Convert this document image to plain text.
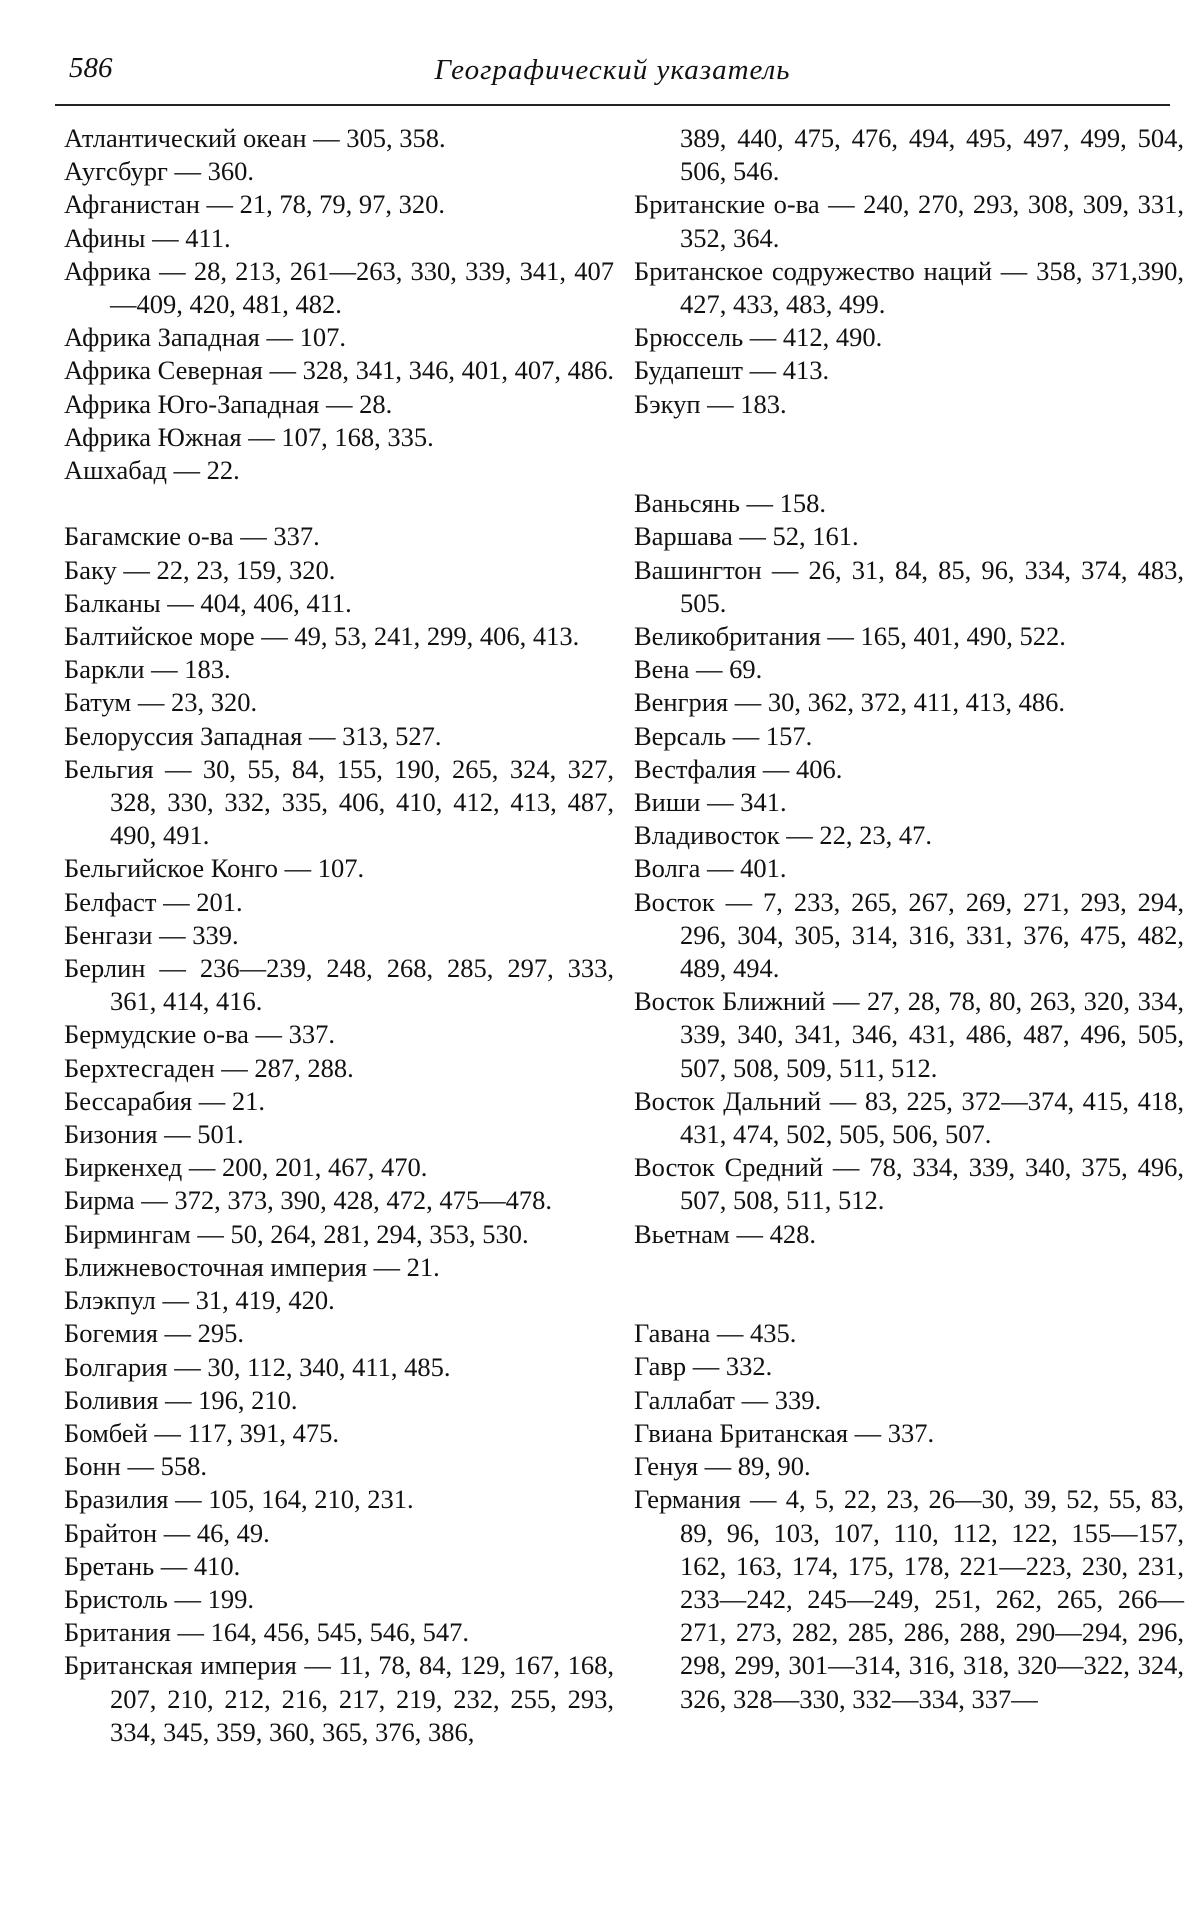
586	Географический указатель
Атлантический океан — 305, 358.
Аугсбург — 360.
Афганистан — 21, 78, 79, 97, 320.
Афины — 411.
Африка — 28, 213, 261—263, 330, 339, 341, 407—409, 420, 481, 482.
Африка Западная — 107.
Африка Северная — 328, 341, 346, 401, 407, 486.
Африка Юго-Западная — 28.
Африка Южная — 107, 168, 335.
Ашхабад — 22.
Багамские о-ва — 337.
Баку — 22, 23, 159, 320.
Балканы — 404, 406, 411.
Балтийское море — 49, 53, 241, 299, 406, 413.
Баркли — 183.
Батум — 23, 320.
Белоруссия Западная — 313, 527.
Бельгия — 30, 55, 84, 155, 190, 265, 324, 327, 328, 330, 332, 335, 406, 410, 412, 413, 487, 490, 491.
Бельгийское Конго — 107.
Белфаст — 201.
Бенгази — 339.
Берлин — 236—239, 248, 268, 285, 297, 333, 361, 414, 416.
Бермудские о-ва — 337.
Берхтесгаден — 287, 288.
Бессарабия — 21.
Бизония — 501.
Биркенхед — 200, 201, 467, 470.
Бирма — 372, 373, 390, 428, 472, 475—478.
Бирмингам — 50, 264, 281, 294, 353, 530.
Ближневосточная империя — 21.
Блэкпул — 31, 419, 420.
Богемия — 295.
Болгария — 30, 112, 340, 411, 485.
Боливия — 196, 210.
Бомбей — 117, 391, 475.
Бонн — 558.
Бразилия — 105, 164, 210, 231.
Брайтон — 46, 49.
Бретань — 410.
Бристоль — 199.
Британия — 164, 456, 545, 546, 547.
Британская империя — 11, 78, 84, 129, 167, 168, 207, 210, 212, 216, 217, 219, 232, 255, 293, 334, 345, 359, 360, 365, 376, 386,
389, 440, 475, 476, 494, 495, 497, 499, 504, 506, 546.
Британские о-ва — 240, 270, 293, 308, 309, 331, 352, 364.
Британское содружество наций — 358, 371,390, 427, 433, 483, 499.
Брюссель — 412, 490.
Будапешт — 413.
Бэкуп — 183.
Ваньсянь — 158.
Варшава — 52, 161.
Вашингтон — 26, 31, 84, 85, 96, 334, 374, 483, 505.
Великобритания — 165, 401, 490, 522.
Вена — 69.
Венгрия — 30, 362, 372, 411, 413, 486.
Версаль — 157.
Вестфалия — 406.
Виши — 341.
Владивосток — 22, 23, 47.
Волга — 401.
Восток — 7, 233, 265, 267, 269, 271, 293, 294, 296, 304, 305, 314, 316, 331, 376, 475, 482, 489, 494.
Восток Ближний — 27, 28, 78, 80, 263, 320, 334, 339, 340, 341, 346, 431, 486, 487, 496, 505, 507, 508, 509, 511, 512.
Восток Дальний — 83, 225, 372—374, 415, 418, 431, 474, 502, 505, 506, 507.
Восток Средний — 78, 334, 339, 340, 375, 496, 507, 508, 511, 512.
Вьетнам — 428.
Гавана — 435.
Гавр — 332.
Галлабат — 339.
Гвиана Британская — 337.
Генуя — 89, 90.
Германия — 4, 5, 22, 23, 26—30, 39, 52, 55, 83, 89, 96, 103, 107, 110, 112, 122, 155—157, 162, 163, 174, 175, 178, 221—223, 230, 231, 233—242, 245—249, 251, 262, 265, 266—271, 273, 282, 285, 286, 288, 290—294, 296, 298, 299, 301—314, 316, 318, 320—322, 324, 326, 328—330, 332—334, 337—
